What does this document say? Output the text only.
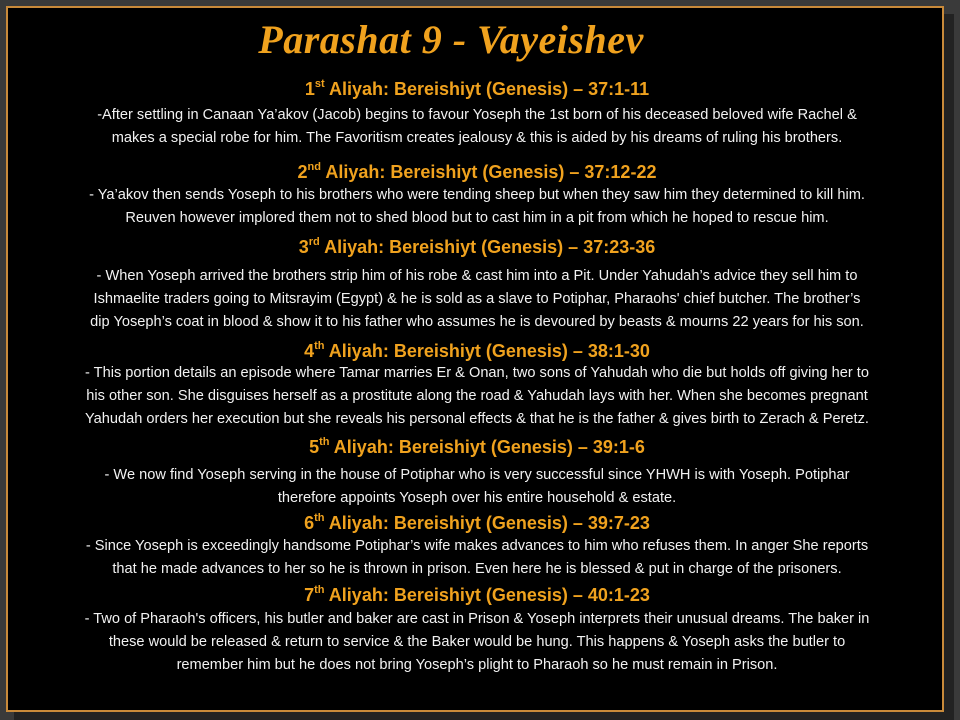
Parashat 9 - Vayeishev
1st Aliyah: Bereishiyt (Genesis) – 37:1-11
-After settling in Canaan Ya’akov (Jacob) begins to favour Yoseph the 1st born of his deceased beloved wife Rachel &
makes a special robe for him. The Favoritism creates jealousy & this is aided by his dreams of ruling his brothers.
2nd Aliyah: Bereishiyt (Genesis) – 37:12-22
- Ya’akov then sends Yoseph to his brothers who were tending sheep but when they saw him they determined to kill him.
Reuven however implored them not to shed blood but to cast him in a pit from which he hoped to rescue him.
3rd Aliyah: Bereishiyt (Genesis) – 37:23-36
- When Yoseph arrived the brothers strip him of his robe & cast him into a Pit. Under Yahudah’s advice they sell him to
Ishmaelite traders going to Mitsrayim (Egypt) & he is sold as a slave to Potiphar, Pharaohs' chief butcher. The brother’s
dip Yoseph’s coat in blood & show it to his father who assumes he is devoured by beasts & mourns 22 years for his son.
4th Aliyah: Bereishiyt (Genesis) – 38:1-30
- This portion details an episode where Tamar marries Er & Onan, two sons of Yahudah who die but holds off giving her to
his other son. She disguises herself as a prostitute along the road & Yahudah lays with her. When she becomes pregnant
Yahudah orders her execution but she reveals his personal effects & that he is the father & gives birth to Zerach & Peretz.
5th Aliyah: Bereishiyt (Genesis) – 39:1-6
- We now find Yoseph serving in the house of Potiphar who is very successful since YHWH is with Yoseph. Potiphar
therefore appoints Yoseph over his entire household & estate.
6th Aliyah: Bereishiyt (Genesis) – 39:7-23
- Since Yoseph is exceedingly handsome Potiphar’s wife makes advances to him who refuses them. In anger She reports
that he made advances to her so he is thrown in prison. Even here he is blessed & put in charge of the prisoners.
7th Aliyah: Bereishiyt (Genesis) – 40:1-23
- Two of Pharaoh's officers, his butler and baker are cast in Prison & Yoseph interprets their unusual dreams. The baker in
these would be released & return to service & the Baker would be hung. This happens & Yoseph asks the butler to
remember him but he does not bring Yoseph’s plight to Pharaoh so he must remain in Prison.
